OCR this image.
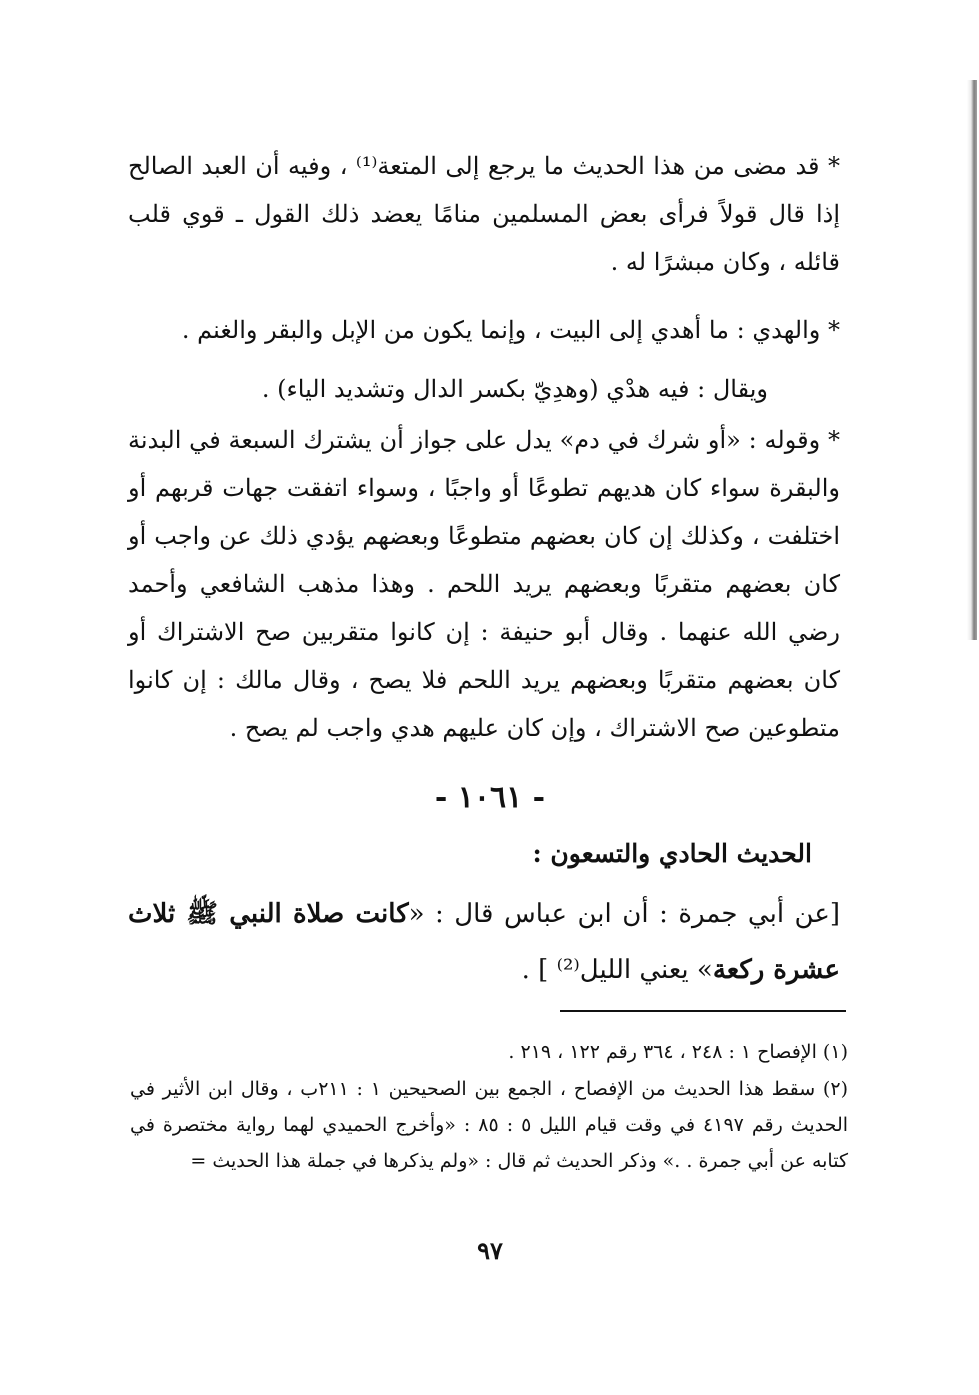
* قد مضى من هذا الحديث ما يرجع إلى المتعة⁽¹⁾ ، وفيه أن العبد الصالح إذا قال قولاً فرأى بعض المسلمين منامًا يعضد ذلك القول ـ قوي قلب قائله ، وكان مبشرًا له .

* والهدي : ما أهدي إلى البيت ، وإنما يكون من الإبل والبقر والغنم .

ويقال : فيه هدْي (وهدِيّ بكسر الدال وتشديد الياء) .

* وقوله : «أو شرك في دم» يدل على جواز أن يشترك السبعة في البدنة والبقرة سواء كان هديهم تطوعًا أو واجبًا ، وسواء اتفقت جهات قربهم أو اختلفت ، وكذلك إن كان بعضهم متطوعًا وبعضهم يؤدي ذلك عن واجب أو كان بعضهم متقربًا وبعضهم يريد اللحم . وهذا مذهب الشافعي وأحمد رضي الله عنهما . وقال أبو حنيفة : إن كانوا متقربين صح الاشتراك أو كان بعضهم متقربًا وبعضهم يريد اللحم فلا يصح ، وقال مالك : إن كانوا متطوعين صح الاشتراك ، وإن كان عليهم هدي واجب لم يصح .

- ١٠٦١ -
الحديث الحادي والتسعون :

[عن أبي جمرة : أن ابن عباس قال : «كانت صلاة النبي ﷺ ثلاث عشرة ركعة» يعني الليل⁽²⁾ ] .

(١) الإفصاح ١ : ٢٤٨ ، ٣٦٤ رقم ١٢٢ ، ٢١٩ .

(٢) سقط هذا الحديث من الإفصاح ، الجمع بين الصحيحين ١ : ٢١١ب ، وقال ابن الأثير في الحديث رقم ٤١٩٧ في وقت قيام الليل ٥ : ٨٥ : «وأخرج الحميدي لهما رواية مختصرة في كتابه عن أبي جمرة . .» وذكر الحديث ثم قال : «ولم يذكرها في جملة هذا الحديث =

٩٧
